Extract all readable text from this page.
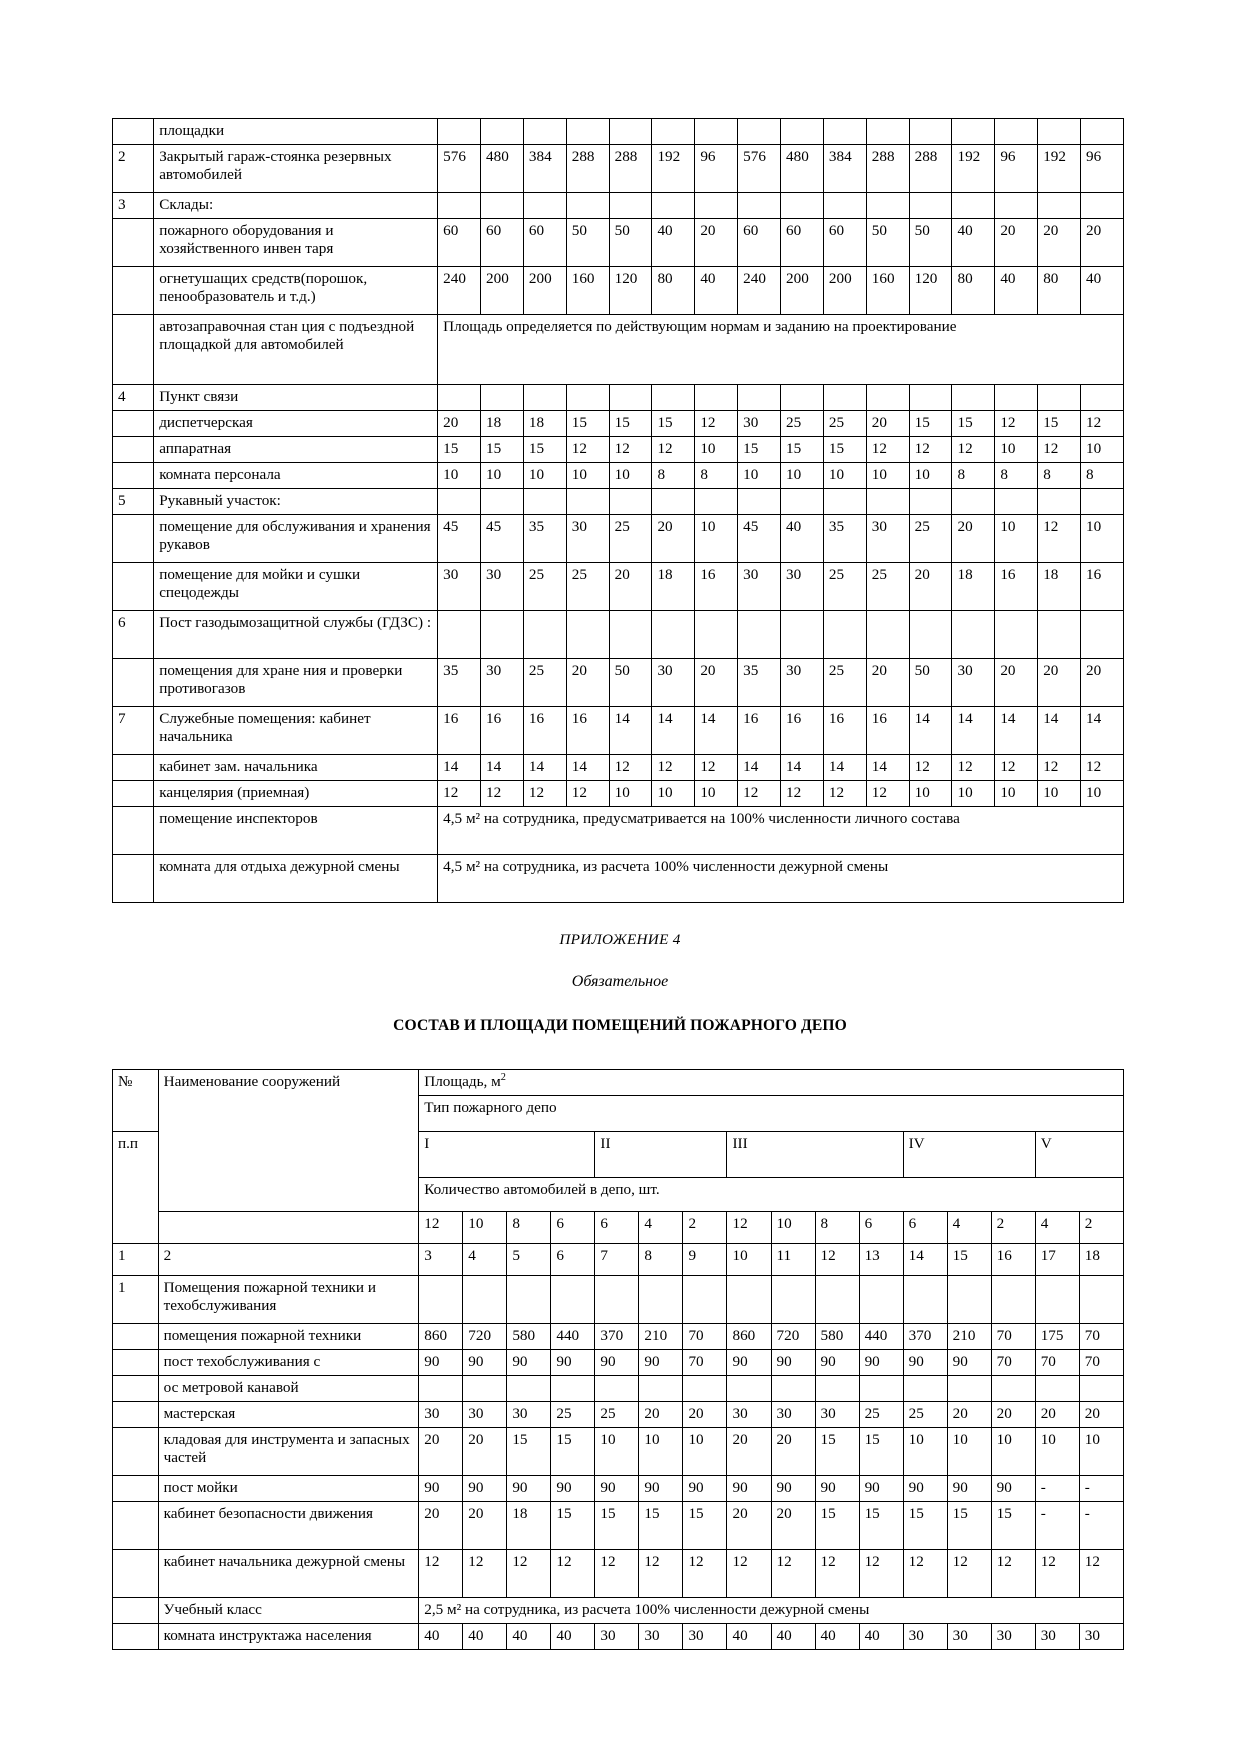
	площадки																
2	Закрытый гараж-стоянка резервных автомобилей	576	480	384	288	288	192	96	576	480	384	288	288	192	96	192	96
3	Склады:																
	пожарного оборудования и хозяйственного инвен таря	60	60	60	50	50	40	20	60	60	60	50	50	40	20	20	20
	огнетушащих средств(порошок, пенообразователь и т.д.)	240	200	200	160	120	80	40	240	200	200	160	120	80	40	80	40
	автозаправочная стан ция с подъездной площадкой для автомобилей	Площадь определяется по действующим нормам и заданию на проектирование															
4	Пункт связи																
	диспетчерская	20	18	18	15	15	15	12	30	25	25	20	15	15	12	15	12
	аппаратная	15	15	15	12	12	12	10	15	15	15	12	12	12	10	12	10
	комната персонала	10	10	10	10	10	8	8	10	10	10	10	10	8	8	8	8
5	Рукавный участок:																
	помещение для обслуживания и хранения рукавов	45	45	35	30	25	20	10	45	40	35	30	25	20	10	12	10
	помещение для мойки и сушки спецодежды	30	30	25	25	20	18	16	30	30	25	25	20	18	16	18	16
6	Пост газодымозащитной службы (ГДЗС) :																
	помещения для хране ния и проверки противогазов	35	30	25	20	50	30	20	35	30	25	20	50	30	20	20	20
7	Служебные помещения: кабинет начальника	16	16	16	16	14	14	14	16	16	16	16	14	14	14	14	14
	кабинет зам. начальника	14	14	14	14	12	12	12	14	14	14	14	12	12	12	12	12
	канцелярия (приемная)	12	12	12	12	10	10	10	12	12	12	12	10	10	10	10	10
	помещение инспекторов	4,5 м² на сотрудника, предусматривается на 100% численности личного состава															
	комната для отдыха дежурной смены	4,5 м² на сотрудника, из расчета 100% численности дежурной смены															
ПРИЛОЖЕНИЕ 4
Обязательное
СОСТАВ И ПЛОЩАДИ ПОМЕЩЕНИЙ ПОЖАРНОГО ДЕПО
№	Наименование сооружений	Площадь, $м^2$
		Тип пожарного депо															
п.п		I				II			III				IV			V	
		Количество автомобилей в депо, шт.															
		12	10	8	6	6	4	2	12	10	8	6	6	4	2	4	2
1	2	3	4	5	6	7	8	9	10	11	12	13	14	15	16	17	18
1	Помещения пожарной техники и техобслуживания																
	помещения пожарной техники	860	720	580	440	370	210	70	860	720	580	440	370	210	70	175	70
	пост техобслуживания с	90	90	90	90	90	90	70	90	90	90	90	90	90	70	70	70
	ос метровой канавой																
	мастерская	30	30	30	25	25	20	20	30	30	30	25	25	20	20	20	20
	кладовая для инструмента и запасных частей	20	20	15	15	10	10	10	20	20	15	15	10	10	10	10	10
	пост мойки	90	90	90	90	90	90	90	90	90	90	90	90	90	90	-	-
	кабинет безопасности движения	20	20	18	15	15	15	15	20	20	15	15	15	15	15	-	-
	кабинет начальника дежурной смены	12	12	12	12	12	12	12	12	12	12	12	12	12	12	12	12
	Учебный класс	2,5 м² на сотрудника, из расчета 100% численности дежурной смены															
	комната инструктажа населения	40	40	40	40	30	30	30	40	40	40	40	30	30	30	30	30
